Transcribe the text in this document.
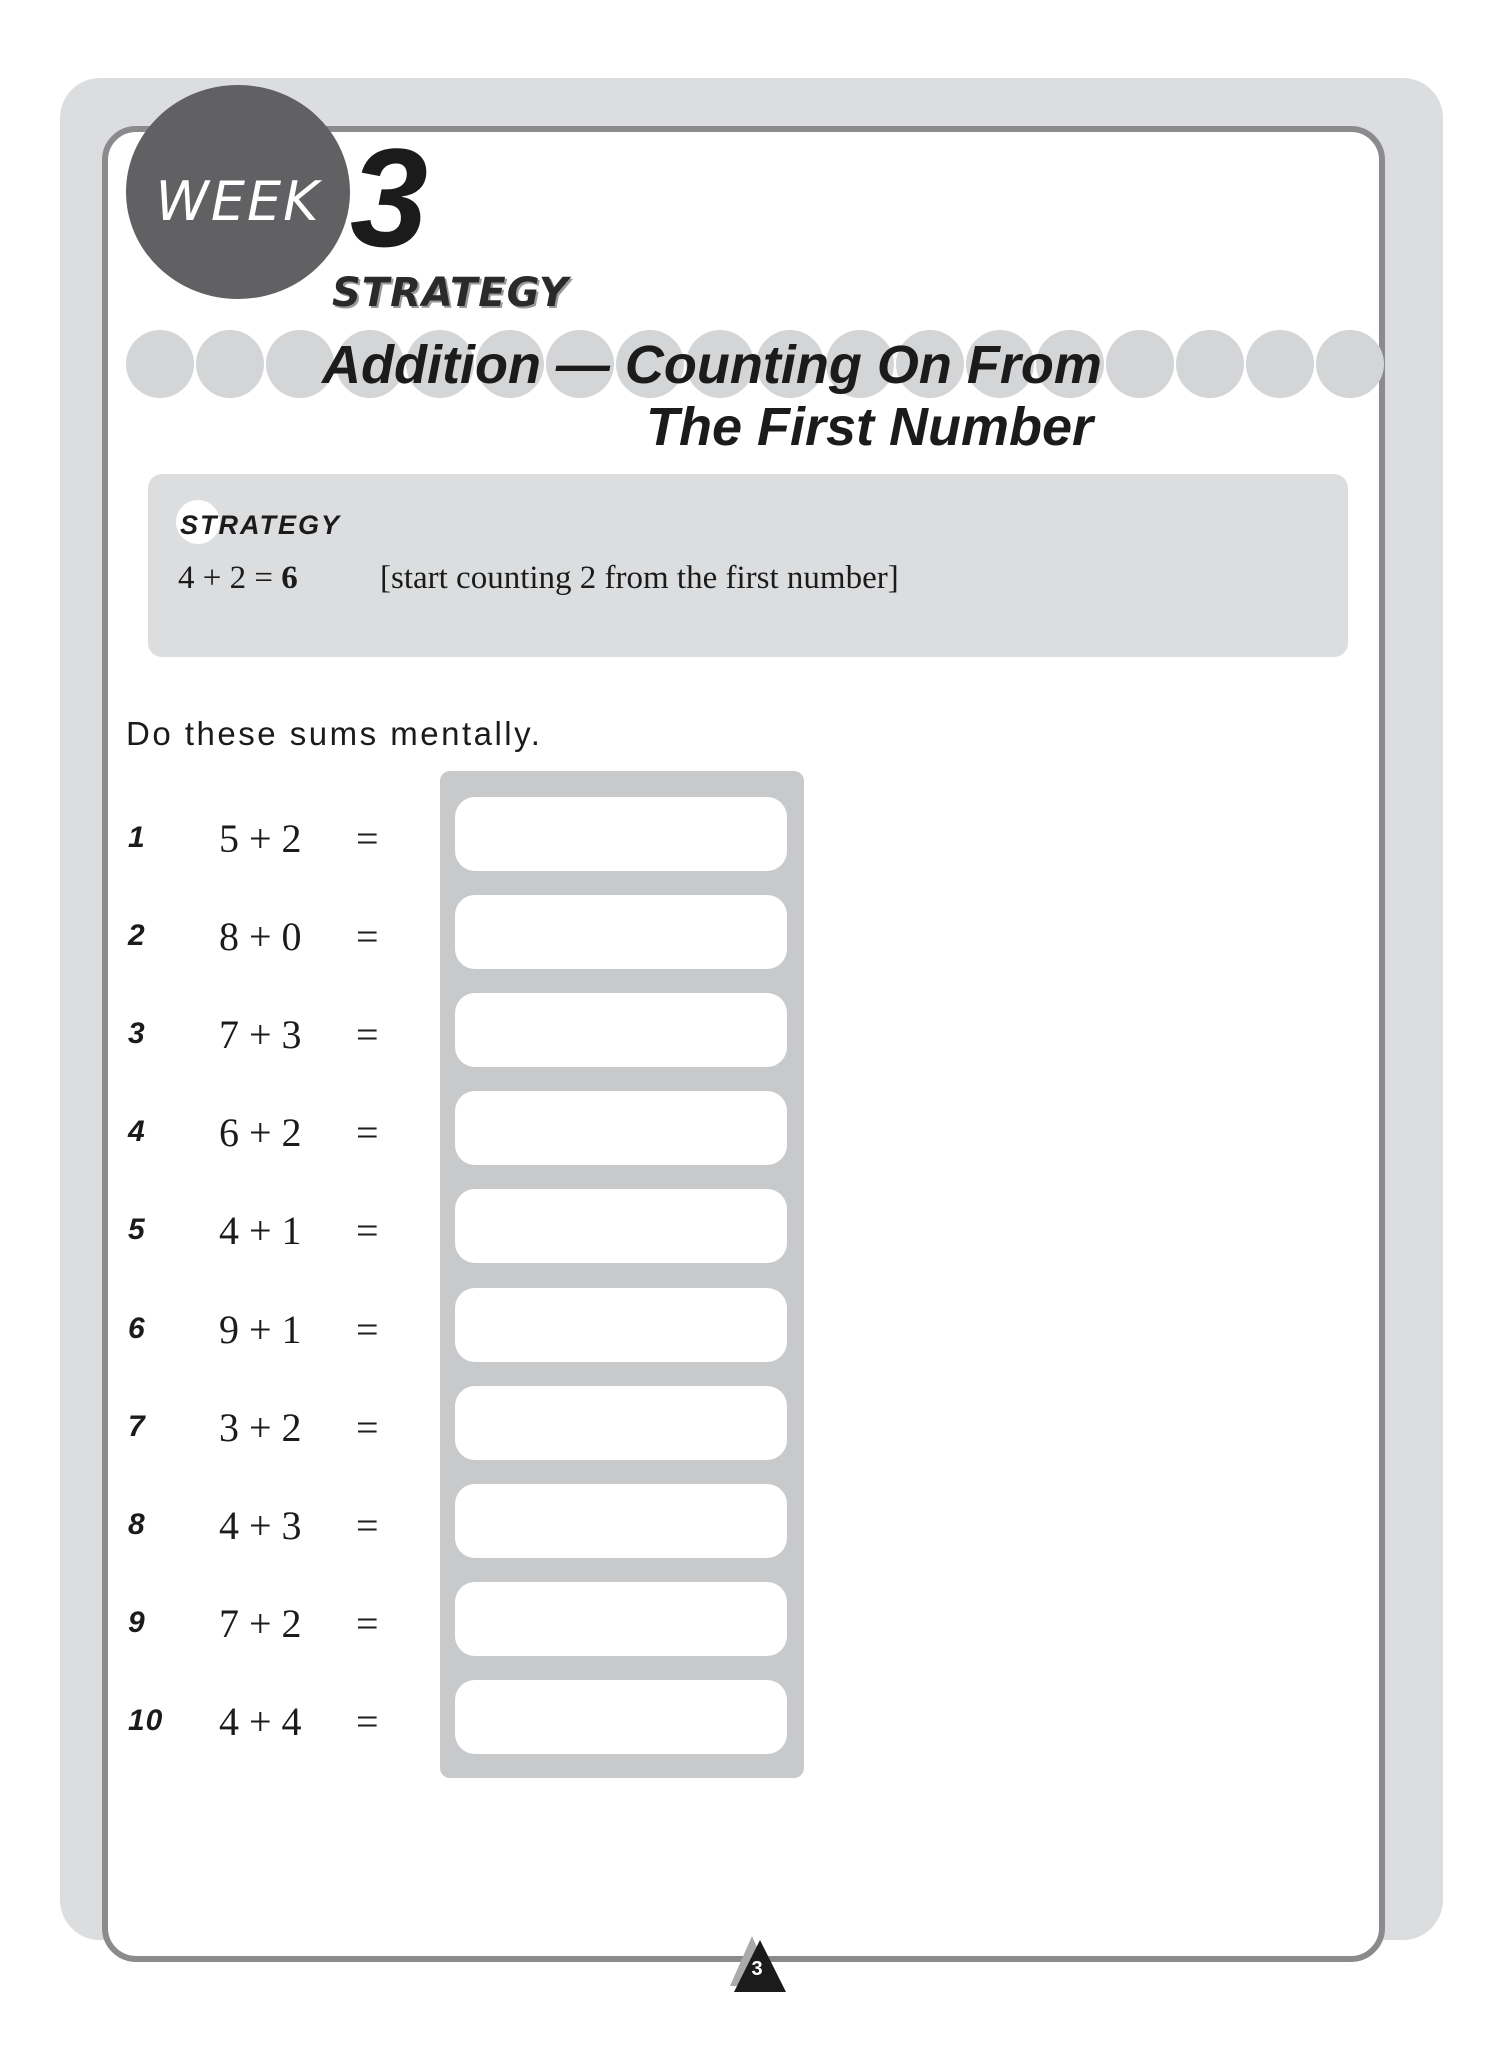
WEEK 3
STRATEGY
Addition — Counting On From
The First Number
STRATEGY
4 + 2 = 6 [start counting 2 from the first number]
Do these sums mentally.
1 5 + 2 =
2 8 + 0 =
3 7 + 3 =
4 6 + 2 =
5 4 + 1 =
6 9 + 1 =
7 3 + 2 =
8 4 + 3 =
9 7 + 2 =
10 4 + 4 =
3
